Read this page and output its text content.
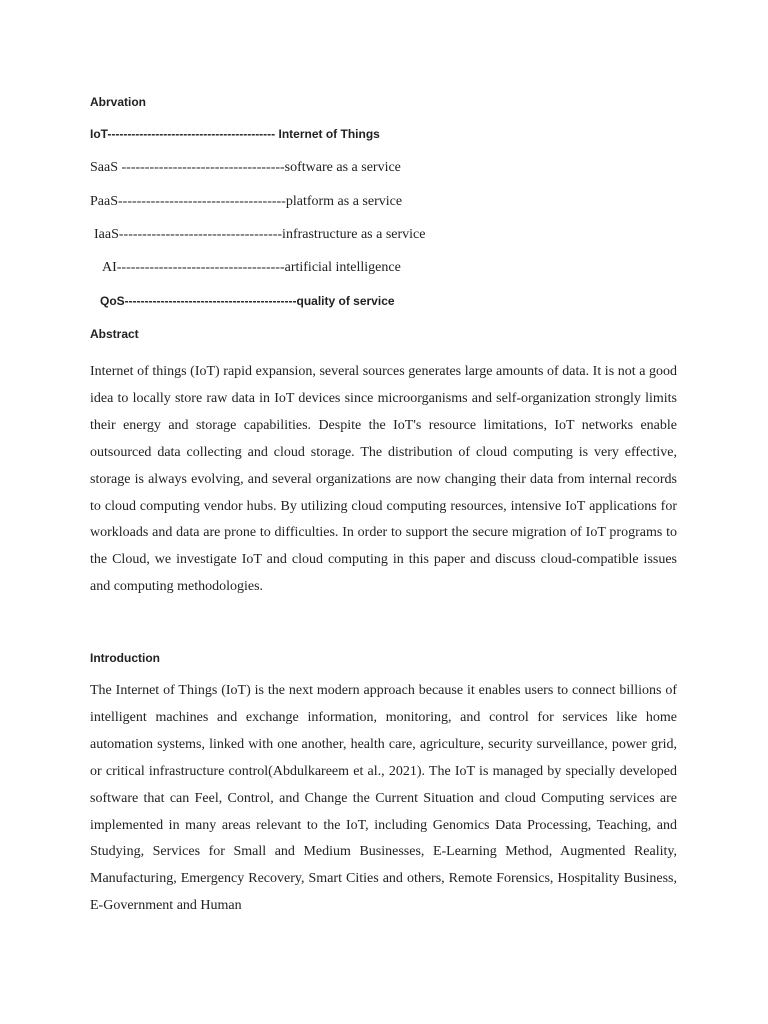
Abrvation
IoT------------------------------------------ Internet of Things
SaaS -----------------------------------software as a service
PaaS------------------------------------platform as a service
IaaS-----------------------------------infrastructure as a service
AI------------------------------------artificial intelligence
QoS-------------------------------------------quality of service
Abstract

Internet of things (IoT) rapid expansion, several sources generates large amounts of data. It is not a good idea to locally store raw data in IoT devices since microorganisms and self-organization strongly limits their energy and storage capabilities. Despite the IoT's resource limitations, IoT networks enable outsourced data collecting and cloud storage. The distribution of cloud computing is very effective, storage is always evolving, and several organizations are now changing their data from internal records to cloud computing vendor hubs. By utilizing cloud computing resources, intensive IoT applications for workloads and data are prone to difficulties. In order to support the secure migration of IoT programs to the Cloud, we investigate IoT and cloud computing in this paper and discuss cloud-compatible issues and computing methodologies.

Introduction

The Internet of Things (IoT) is the next modern approach because it enables users to connect billions of intelligent machines and exchange information, monitoring, and control for services like home automation systems, linked with one another, health care, agriculture, security surveillance, power grid, or critical infrastructure control(Abdulkareem et al., 2021). The IoT is managed by specially developed software that can Feel, Control, and Change the Current Situation and cloud Computing services are implemented in many areas relevant to the IoT, including Genomics Data Processing, Teaching, and Studying, Services for Small and Medium Businesses, E-Learning Method, Augmented Reality, Manufacturing, Emergency Recovery, Smart Cities and others, Remote Forensics, Hospitality Business, E-Government and Human
